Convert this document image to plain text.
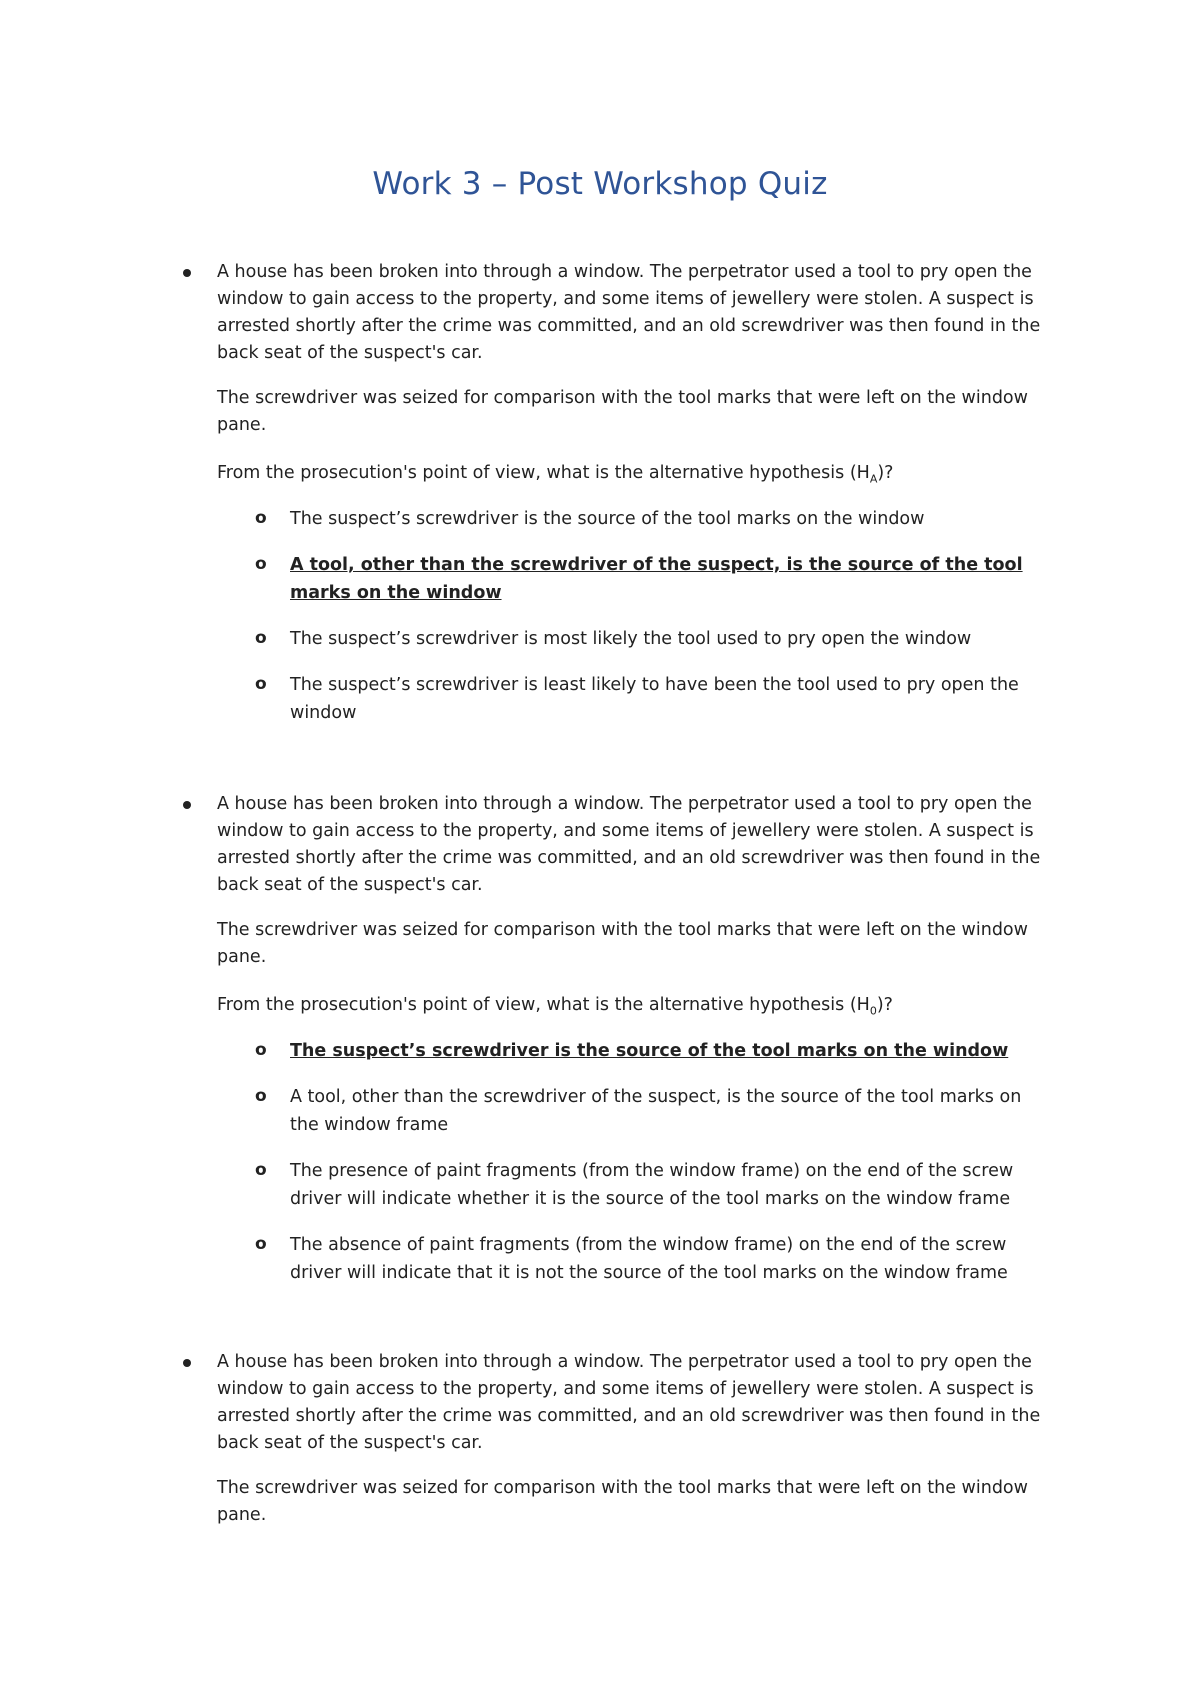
Work 3 – Post Workshop Quiz

A house has been broken into through a window. The perpetrator used a tool to pry open the window to gain access to the property, and some items of jewellery were stolen. A suspect is arrested shortly after the crime was committed, and an old screwdriver was then found in the back seat of the suspect's car.

The screwdriver was seized for comparison with the tool marks that were left on the window pane.

From the prosecution's point of view, what is the alternative hypothesis $(H_A)$?

o The suspect’s screwdriver is the source of the tool marks on the window

o A tool, other than the screwdriver of the suspect, is the source of the tool marks on the window

o The suspect’s screwdriver is most likely the tool used to pry open the window

o The suspect’s screwdriver is least likely to have been the tool used to pry open the window

A house has been broken into through a window. The perpetrator used a tool to pry open the window to gain access to the property, and some items of jewellery were stolen. A suspect is arrested shortly after the crime was committed, and an old screwdriver was then found in the back seat of the suspect's car.

The screwdriver was seized for comparison with the tool marks that were left on the window pane.

From the prosecution's point of view, what is the alternative hypothesis $(H_0)$?

o The suspect’s screwdriver is the source of the tool marks on the window

o A tool, other than the screwdriver of the suspect, is the source of the tool marks on the window frame

o The presence of paint fragments (from the window frame) on the end of the screw driver will indicate whether it is the source of the tool marks on the window frame

o The absence of paint fragments (from the window frame) on the end of the screw driver will indicate that it is not the source of the tool marks on the window frame

A house has been broken into through a window. The perpetrator used a tool to pry open the window to gain access to the property, and some items of jewellery were stolen. A suspect is arrested shortly after the crime was committed, and an old screwdriver was then found in the back seat of the suspect's car.

The screwdriver was seized for comparison with the tool marks that were left on the window pane.
